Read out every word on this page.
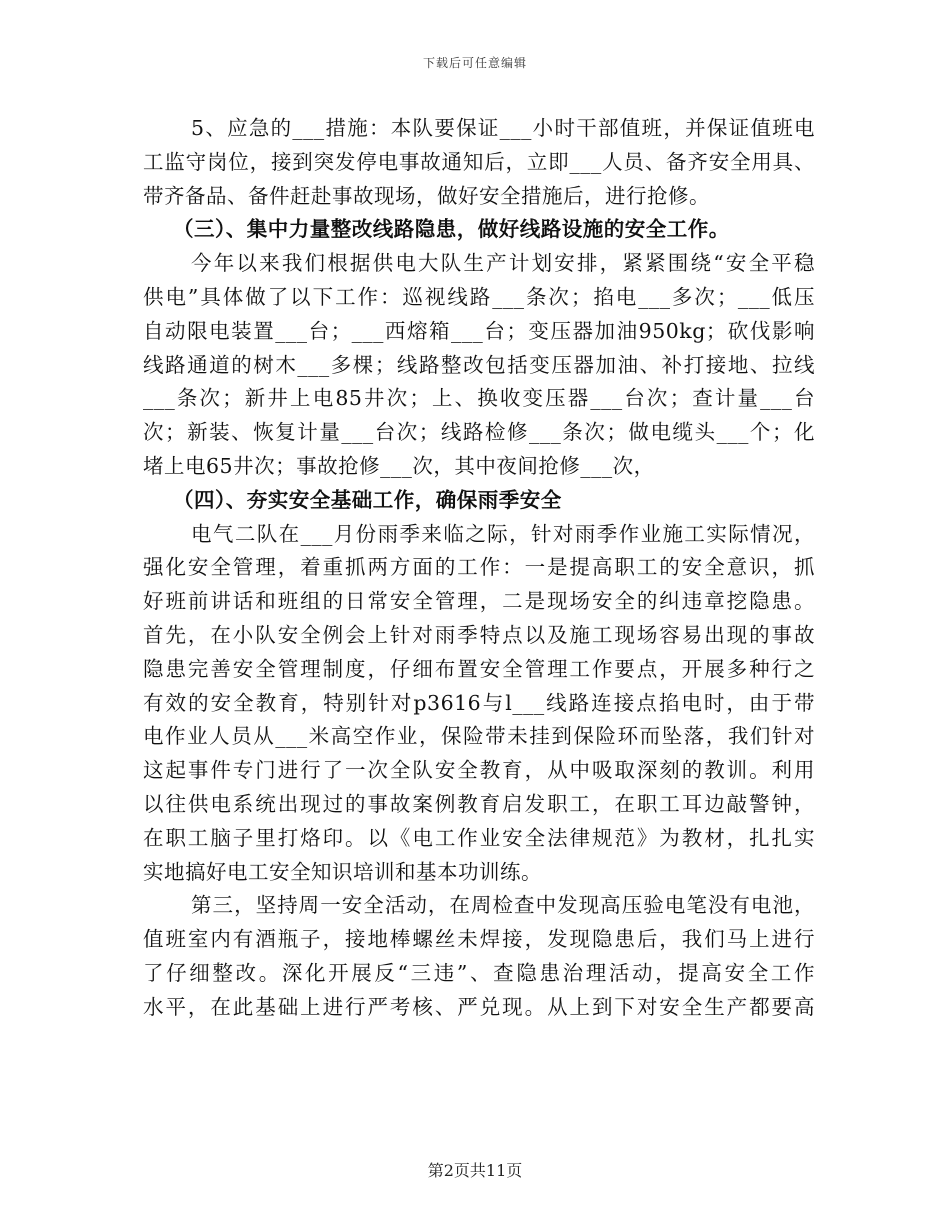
下载后可任意编辑
5、应急的___措施：本队要保证___小时干部值班，并保证值班电
工监守岗位，接到突发停电事故通知后，立即___人员、备齐安全用具、
带齐备品、备件赶赴事故现场，做好安全措施后，进行抢修。
（三）、集中力量整改线路隐患，做好线路设施的安全工作。
今年以来我们根据供电大队生产计划安排，紧紧围绕“安全平稳
供电”具体做了以下工作：巡视线路___条次；掐电___多次；___低压
自动限电装置___台；___西熔箱___台；变压器加油950kg；砍伐影响
线路通道的树木___多棵；线路整改包括变压器加油、补打接地、拉线
___条次；新井上电85井次；上、换收变压器___台次；查计量___台
次；新装、恢复计量___台次；线路检修___条次；做电缆头___个；化
堵上电65井次；事故抢修___次，其中夜间抢修___次，
（四）、夯实安全基础工作，确保雨季安全
电气二队在___月份雨季来临之际，针对雨季作业施工实际情况，
强化安全管理，着重抓两方面的工作：一是提高职工的安全意识，抓
好班前讲话和班组的日常安全管理，二是现场安全的纠违章挖隐患。
首先，在小队安全例会上针对雨季特点以及施工现场容易出现的事故
隐患完善安全管理制度，仔细布置安全管理工作要点，开展多种行之
有效的安全教育，特别针对p3616与l___线路连接点掐电时，由于带
电作业人员从___米高空作业，保险带未挂到保险环而坠落，我们针对
这起事件专门进行了一次全队安全教育，从中吸取深刻的教训。利用
以往供电系统出现过的事故案例教育启发职工，在职工耳边敲警钟，
在职工脑子里打烙印。以《电工作业安全法律规范》为教材，扎扎实
实地搞好电工安全知识培训和基本功训练。
第三，坚持周一安全活动，在周检查中发现高压验电笔没有电池，
值班室内有酒瓶子，接地棒螺丝未焊接，发现隐患后，我们马上进行
了仔细整改。深化开展反“三违”、查隐患治理活动，提高安全工作
水平，在此基础上进行严考核、严兑现。从上到下对安全生产都要高
第2页共11页
